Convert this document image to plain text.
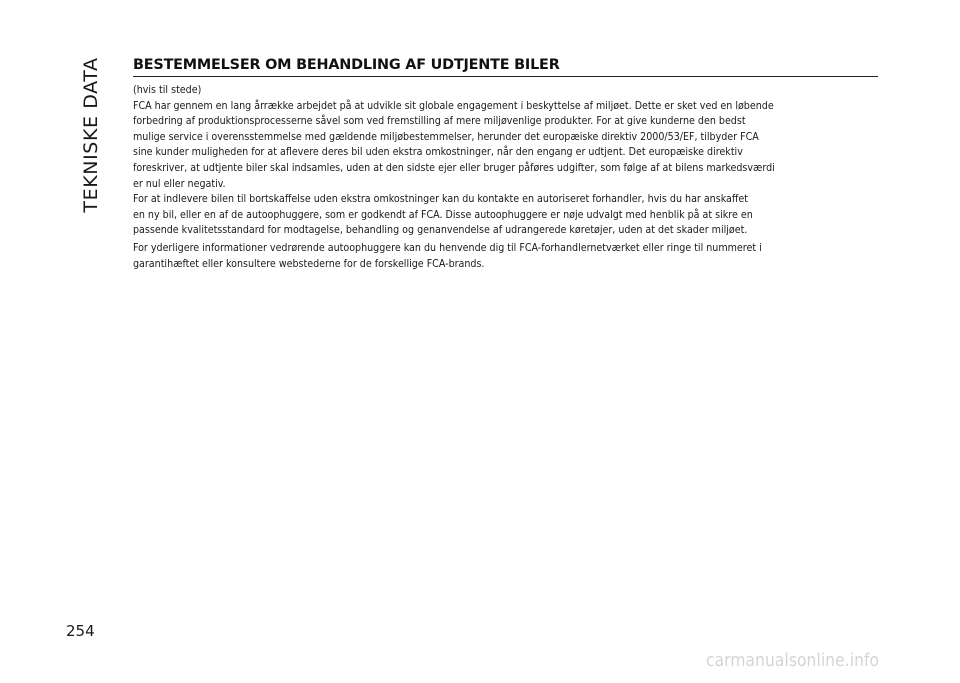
TEKNISKE DATA
254
BESTEMMELSER OM BEHANDLING AF UDTJENTE BILER
(hvis til stede)
FCA har gennem en lang årrække arbejdet på at udvikle sit globale engagement i beskyttelse af miljøet. Dette er sket ved en løbende
forbedring af produktionsprocesserne såvel som ved fremstilling af mere miljøvenlige produkter. For at give kunderne den bedst
mulige service i overensstemmelse med gældende miljøbestemmelser, herunder det europæiske direktiv 2000/53/EF, tilbyder FCA
sine kunder muligheden for at aflevere deres bil uden ekstra omkostninger, når den engang er udtjent. Det europæiske direktiv
foreskriver, at udtjente biler skal indsamles, uden at den sidste ejer eller bruger påføres udgifter, som følge af at bilens markedsværdi
er nul eller negativ.
For at indlevere bilen til bortskaffelse uden ekstra omkostninger kan du kontakte en autoriseret forhandler, hvis du har anskaffet
en ny bil, eller en af de autoophuggere, som er godkendt af FCA. Disse autoophuggere er nøje udvalgt med henblik på at sikre en
passende kvalitetsstandard for modtagelse, behandling og genanvendelse af udrangerede køretøjer, uden at det skader miljøet.
For yderligere informationer vedrørende autoophuggere kan du henvende dig til FCA-forhandlernetværket eller ringe til nummeret i
garantihæftet eller konsultere webstederne for de forskellige FCA-brands.
carmanualsonline.info
